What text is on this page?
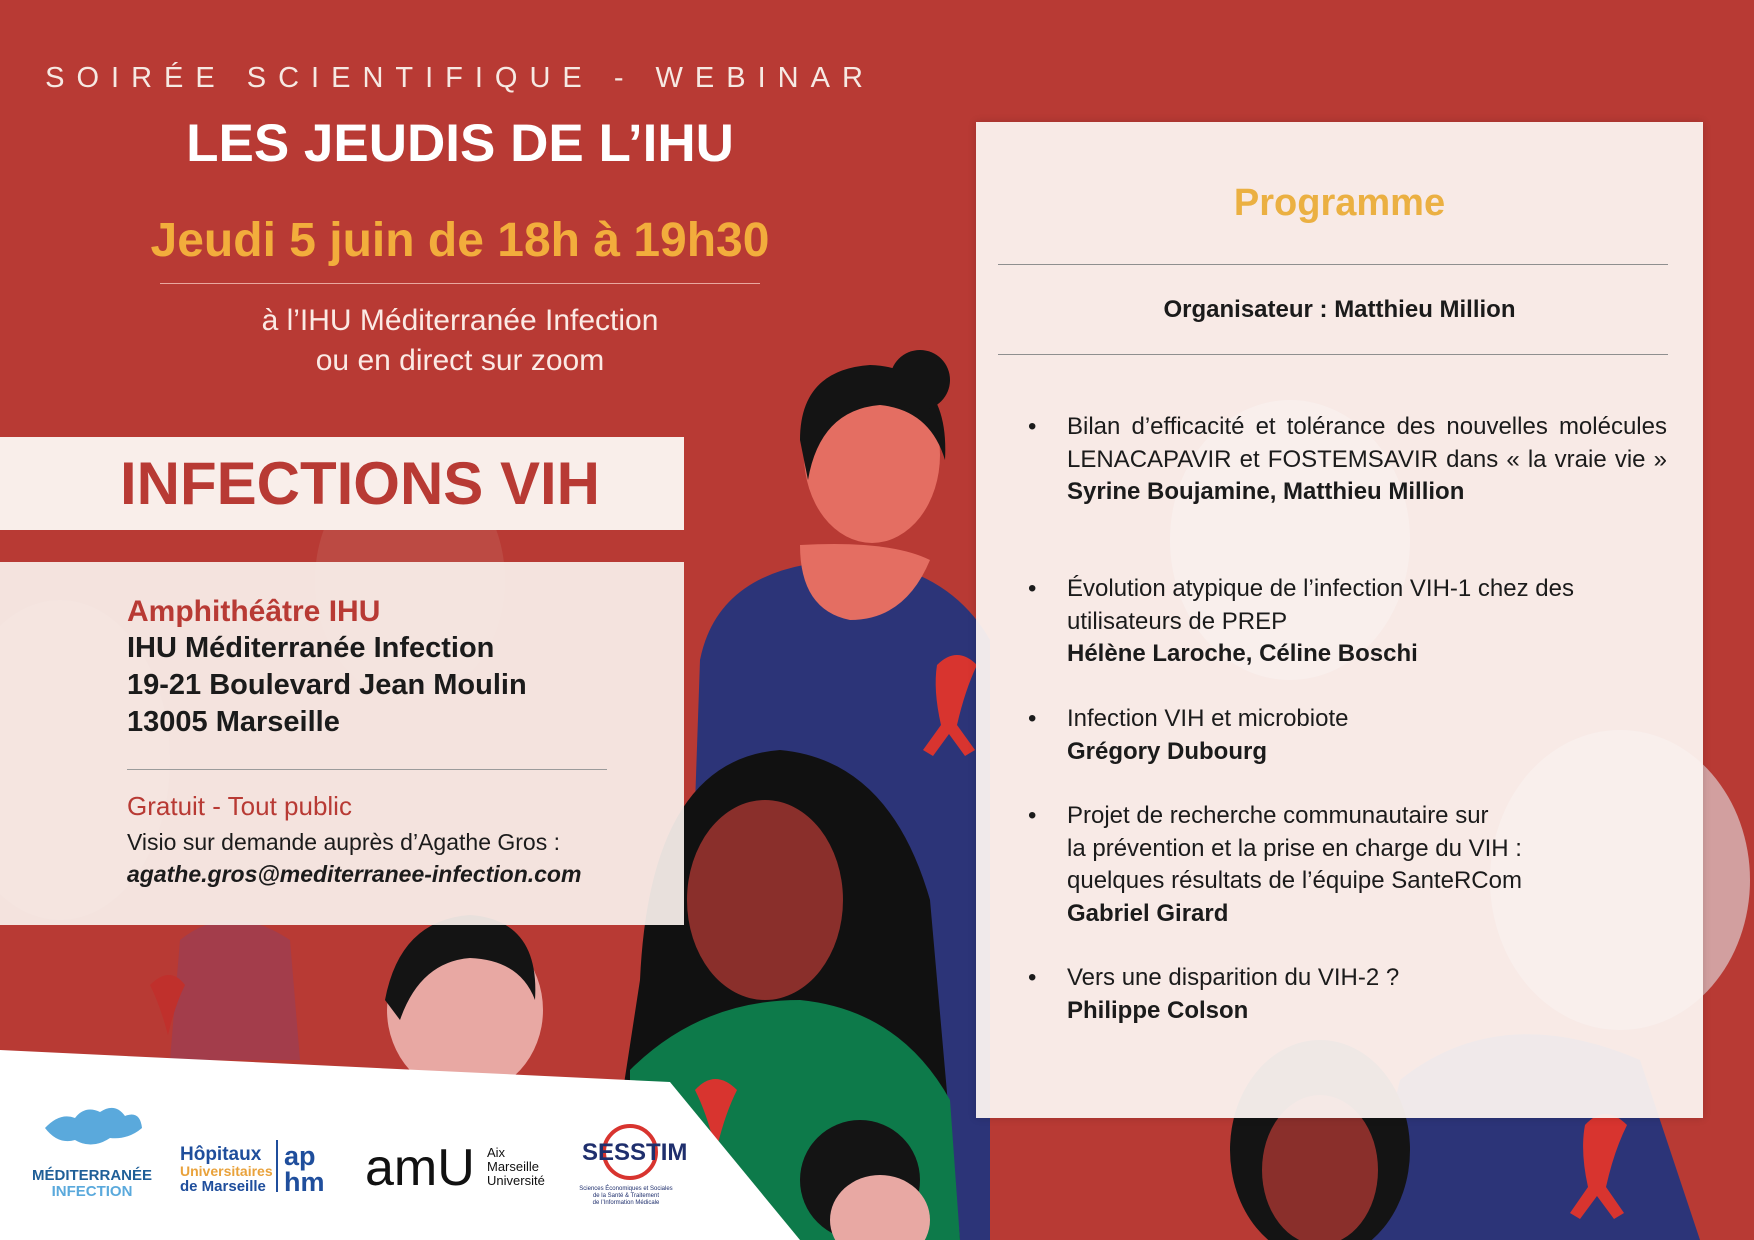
SOIRÉE SCIENTIFIQUE - WEBINAR
LES JEUDIS DE L’IHU
Jeudi 5 juin de 18h à 19h30
à l’IHU Méditerranée Infection
ou en direct sur zoom
INFECTIONS VIH
Amphithéâtre IHU
IHU Méditerranée Infection
19-21 Boulevard Jean Moulin
13005 Marseille
Gratuit - Tout public
Visio sur demande auprès d’Agathe Gros :
agathe.gros@mediterranee-infection.com
Programme
Organisateur : Matthieu Million
• Bilan d’efficacité et tolérance des nouvelles molécules LENACAPAVIR et FOSTEMSAVIR dans « la vraie vie »
Syrine Boujamine, Matthieu Million
• Évolution atypique de l’infection VIH-1 chez des
utilisateurs de PREP
Hélène Laroche, Céline Boschi
• Infection VIH et microbiote
Grégory Dubourg
• Projet de recherche communautaire sur
la prévention et la prise en charge du VIH :
quelques résultats de l’équipe SanteRCom
Gabriel Girard
• Vers une disparition du VIH-2 ?
Philippe Colson
MÉDITERRANÉE
INFECTION
Hôpitaux
Universitaires
de Marseille
ap
hm amU Aix
Marseille
Université
SESSTIM
Sciences Économiques et Sociales
de la Santé & Traitement
de l’Information Médicale
